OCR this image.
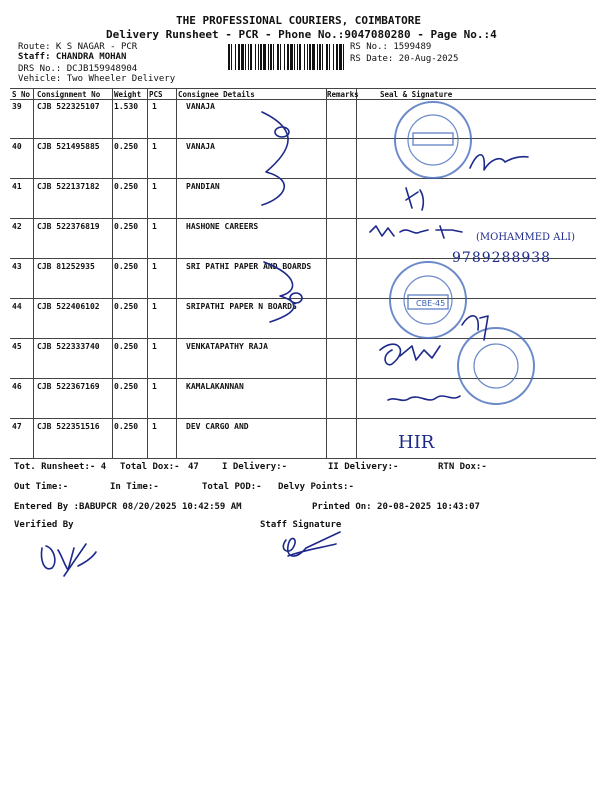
THE PROFESSIONAL COURIERS, COIMBATORE
Delivery Runsheet - PCR - Phone No.:9047080280 - Page No.:4
Route: K S NAGAR - PCR
Staff: CHANDRA MOHAN
DRS No.: DCJB159948904
Vehicle: Two Wheeler Delivery
RS No.: 1599489
RS Date: 20-Aug-2025
S No Consignment No Weight PCS Consignee Details	Remarks	Seal & Signature
39 CJB 522325107 1.530 1	VANAJA
40 CJB 521495885 0.250 1	VANAJA
41 CJB 522137182 0.250 1	PANDIAN
42 CJB 522376819 0.250 1	HASHONE CAREERS
43 CJB 81252935 0.250 1	SRI PATHI PAPER AND BOARDS
44 CJB 522406102 0.250 1	SRIPATHI PAPER N BOARDS
45 CJB 522333740 0.250 1	VENKATAPATHY RAJA
46 CJB 522367169 0.250 1	KAMALAKANNAN
47 CJB 522351516 0.250 1	DEV CARGO AND
Tot. Runsheet:- 4 Total Dox:- 47	I Delivery:-	II Delivery:-	RTN Dox:-
Out Time:-	In Time:-	Total POD:- Delvy Points:-
Entered By :BABUPCR 08/20/2025 10:42:59 AM	Printed On: 20-08-2025 10:43:07
Verified By	Staff Signature
CBE-45
(MOHAMMED ALI)
9789288938
HIR
